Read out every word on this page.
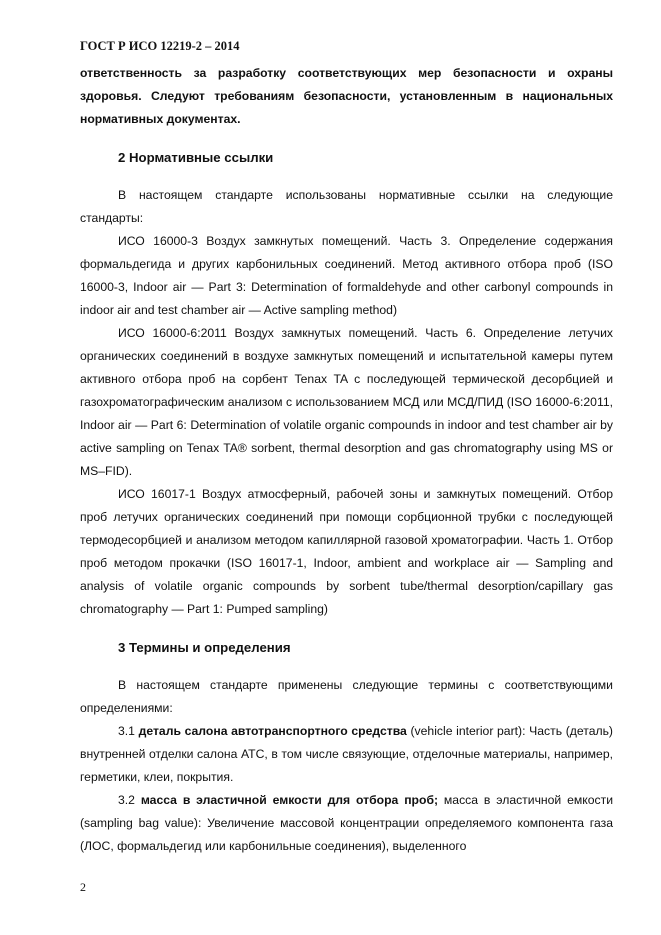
ГОСТ Р ИСО 12219-2 – 2014

ответственность за разработку соответствующих мер безопасности и охраны здоровья. Следуют требованиям безопасности, установленным в национальных нормативных документах.

2 Нормативные ссылки

В настоящем стандарте использованы нормативные ссылки на следующие стандарты:

ИСО 16000-3 Воздух замкнутых помещений. Часть 3. Определение содержания формальдегида и других карбонильных соединений. Метод активного отбора проб (ISO 16000-3, Indoor air — Part 3: Determination of formaldehyde and other carbonyl compounds in indoor air and test chamber air — Active sampling method)

ИСО 16000-6:2011 Воздух замкнутых помещений. Часть 6. Определение летучих органических соединений в воздухе замкнутых помещений и испытательной камеры путем активного отбора проб на сорбент Tenax TA с последующей термической десорбцией и газохроматографическим анализом с использованием МСД или МСД/ПИД (ISO 16000-6:2011, Indoor air — Part 6: Determination of volatile organic compounds in indoor and test chamber air by active sampling on Tenax TA® sorbent, thermal desorption and gas chromatography using MS or MS–FID).

ИСО 16017-1 Воздух атмосферный, рабочей зоны и замкнутых помещений. Отбор проб летучих органических соединений при помощи сорбционной трубки с последующей термодесорбцией и анализом методом капиллярной газовой хроматографии. Часть 1. Отбор проб методом прокачки (ISO 16017-1, Indoor, ambient and workplace air — Sampling and analysis of volatile organic compounds by sorbent tube/thermal desorption/capillary gas chromatography — Part 1: Pumped sampling)

3 Термины и определения

В настоящем стандарте применены следующие термины с соответствующими определениями:

3.1 деталь салона автотранспортного средства (vehicle interior part): Часть (деталь) внутренней отделки салона АТС, в том числе связующие, отделочные материалы, например, герметики, клеи, покрытия.

3.2 масса в эластичной емкости для отбора проб; масса в эластичной емкости (sampling bag value): Увеличение массовой концентрации определяемого компонента газа (ЛОС, формальдегид или карбонильные соединения), выделенного

2
